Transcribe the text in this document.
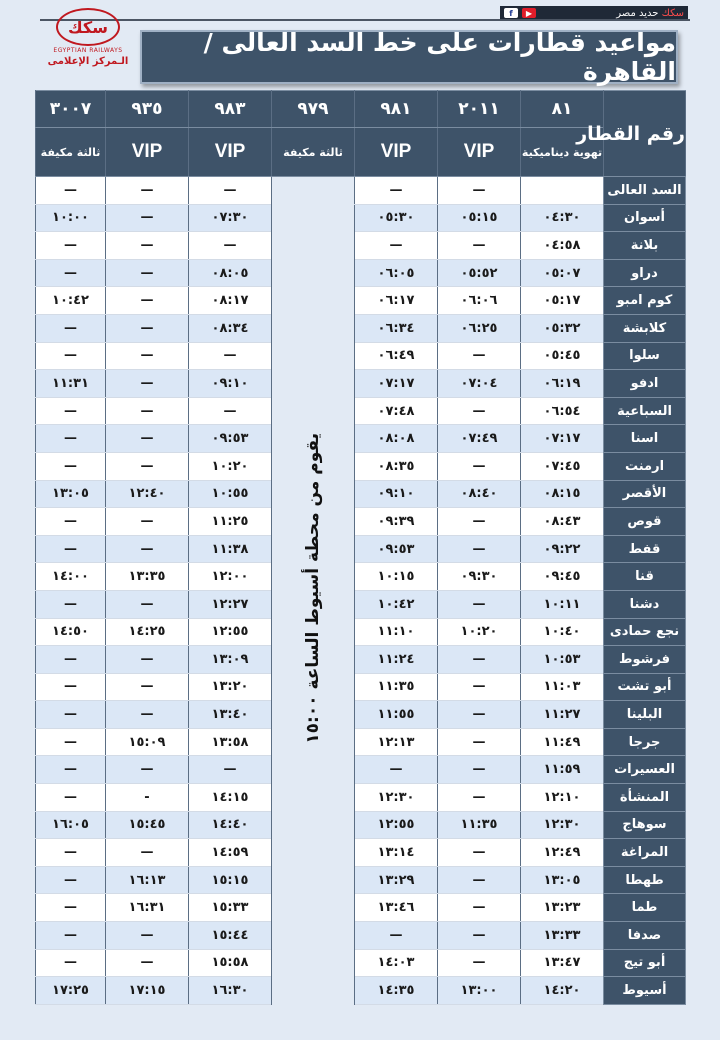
سكك حديد مصر
f	▶
سكك
EGYPTIAN RAILWAYS
الـمركز الإعلامى
مواعيد قطارات على خط السد العالى / القاهرة
رقم القطار	٨١	٢٠١١	٩٨١	٩٧٩	٩٨٣	٩٣٥	٣٠٠٧
	تهوية ديناميكية	VIP	VIP	ثالثة مكيفة	VIP	VIP	ثالثة مكيفة
السد العالى		—	—	يقوم من محطة أسيوط الساعة ١٥:٠٠	—	—	—
أسوان	٠٤:٣٠	٠٥:١٥	٠٥:٣٠		٠٧:٣٠	—	١٠:٠٠
بلانة	٠٤:٥٨	—	—		—	—	—
دراو	٠٥:٠٧	٠٥:٥٢	٠٦:٠٥		٠٨:٠٥	—	—
كوم امبو	٠٥:١٧	٠٦:٠٦	٠٦:١٧		٠٨:١٧	—	١٠:٤٢
كلابشة	٠٥:٣٢	٠٦:٢٥	٠٦:٣٤		٠٨:٣٤	—	—
سلوا	٠٥:٤٥	—	٠٦:٤٩		—	—	—
ادفو	٠٦:١٩	٠٧:٠٤	٠٧:١٧		٠٩:١٠	—	١١:٣١
السباعية	٠٦:٥٤	—	٠٧:٤٨		—	—	—
اسنا	٠٧:١٧	٠٧:٤٩	٠٨:٠٨		٠٩:٥٣	—	—
ارمنت	٠٧:٤٥	—	٠٨:٣٥		١٠:٢٠	—	—
الأقصر	٠٨:١٥	٠٨:٤٠	٠٩:١٠		١٠:٥٥	١٢:٤٠	١٣:٠٥
قوص	٠٨:٤٣	—	٠٩:٣٩		١١:٢٥	—	—
قفط	٠٩:٢٢	—	٠٩:٥٣		١١:٣٨	—	—
قنا	٠٩:٤٥	٠٩:٣٠	١٠:١٥		١٢:٠٠	١٣:٣٥	١٤:٠٠
دشنا	١٠:١١	—	١٠:٤٢		١٢:٢٧	—	—
نجع حمادى	١٠:٤٠	١٠:٢٠	١١:١٠		١٢:٥٥	١٤:٢٥	١٤:٥٠
فرشوط	١٠:٥٣	—	١١:٢٤		١٣:٠٩	—	—
أبو تشت	١١:٠٣	—	١١:٣٥		١٣:٢٠	—	—
البلينا	١١:٢٧	—	١١:٥٥		١٣:٤٠	—	—
جرجا	١١:٤٩	—	١٢:١٣		١٣:٥٨	١٥:٠٩	—
العسيرات	١١:٥٩	—	—		—	—	—
المنشأة	١٢:١٠	—	١٢:٣٠		١٤:١٥	-	—
سوهاج	١٢:٣٠	١١:٣٥	١٢:٥٥		١٤:٤٠	١٥:٤٥	١٦:٠٥
المراغة	١٢:٤٩	—	١٣:١٤		١٤:٥٩	—	—
طهطا	١٣:٠٥	—	١٣:٢٩		١٥:١٥	١٦:١٣	—
طما	١٣:٢٣	—	١٣:٤٦		١٥:٣٣	١٦:٣١	—
صدفا	١٣:٣٣	—	—		١٥:٤٤	—	—
أبو تيج	١٣:٤٧	—	١٤:٠٣		١٥:٥٨	—	—
أسيوط	١٤:٢٠	١٣:٠٠	١٤:٣٥		١٦:٣٠	١٧:١٥	١٧:٢٥
